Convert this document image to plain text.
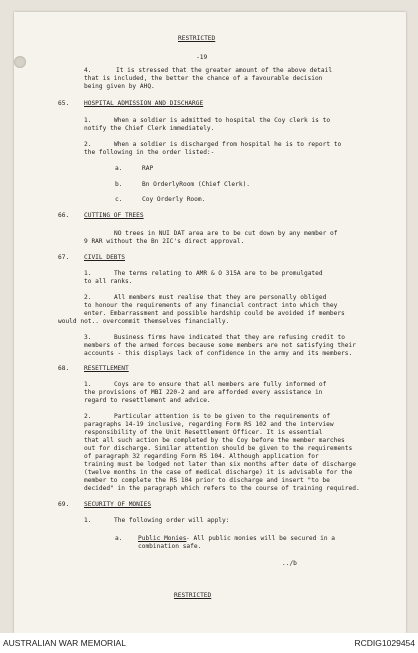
RESTRICTED
-19
4.	It is stressed that the greater amount of the above detail
that is included, the better the chance of a favourable decision
being given by AHQ.
65. HOSPITAL ADMISSION AND DISCHARGE
1.	When a soldier is admitted to hospital the Coy clerk is to
notify the Chief Clerk immediately.
2.	When a soldier is discharged from hospital he is to report to
the following in the order listed:-
a.	RAP
b.	Bn OrderlyRoom (Chief Clerk).
c.	Coy Orderly Room.
66. CUTTING OF TREES
NO trees in NUI DAT area are to be cut down by any member of
9 RAR without the Bn 2IC's direct approval.
67. CIVIL DEBTS
1.	The terms relating to AMR & O 315A are to be promulgated
to all ranks.
2.	All members must realise that they are personally obliged
to honour the requirements of any financial contract into which they
enter. Embarrassment and possible hardship could be avoided if members
would not.. overcommit themselves financially.
3.	Business firms have indicated that they are refusing credit to
members of the armed forces because some members are not satisfying their
accounts - this displays lack of confidence in the army and its members.
68. RESETTLEMENT
1.	Coys are to ensure that all members are fully informed of
the provisions of MBI 220-2 and are afforded every assistance in
regard to resettlement and advice.
2.	Particular attention is to be given to the requirements of
paragraphs 14-19 inclusive, regarding Form RS 102 and the interview
responsibility of the Unit Resettlement Officer. It is essential
that all such action be completed by the Coy before the member marches
out for discharge. Similar attention should be given to the requirements
of paragraph 32 regarding Form RS 104. Although application for
training must be lodged not later than six months after date of discharge
(twelve months in the case of medical discharge) it is advisable for the
member to complete the RS 104 prior to discharge and insert "to be
decided" in the paragraph which refers to the course of training required.
69. SECURITY OF MONIES
1.	The following order will apply:
a.	Public Monies - All public monies will be secured in a
combination safe.
../b
RESTRICTED
AUSTRALIAN WAR MEMORIAL	RCDIG1029454
